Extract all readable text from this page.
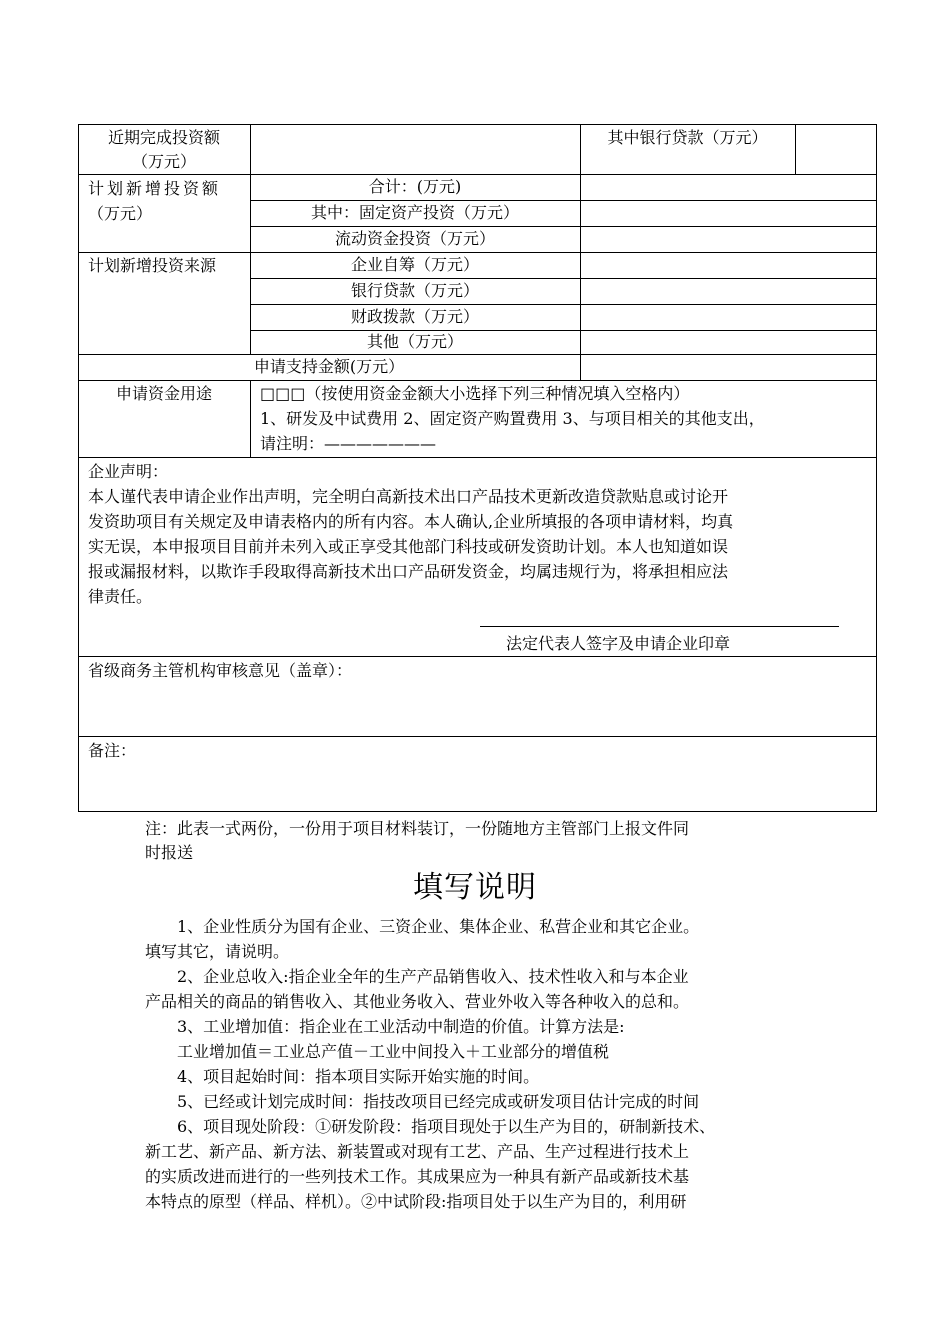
近期完成投资额
（万元）
其中银行贷款（万元）
计划新增投资额
（万元）
合计：(万元)
其中：固定资产投资（万元）
流动资金投资（万元）
计划新增投资来源	企业自筹（万元）
银行贷款（万元）
财政拨款（万元）
其他（万元）
申请支持金额(万元）
申请资金用途	□□□（按使用资金金额大小选择下列三种情况填入空格内）
1、研发及中试费用 2、固定资产购置费用 3、与项目相关的其他支出，
请注明：———————
企业声明：
本人谨代表申请企业作出声明，完全明白高新技术出口产品技术更新改造贷款贴息或讨论开
发资助项目有关规定及申请表格内的所有内容。本人确认,企业所填报的各项申请材料，均真
实无误，本申报项目目前并未列入或正享受其他部门科技或研发资助计划。本人也知道如误
报或漏报材料，以欺诈手段取得高新技术出口产品研发资金，均属违规行为，将承担相应法
律责任。
法定代表人签字及申请企业印章
省级商务主管机构审核意见（盖章）：
备注：
注：此表一式两份，一份用于项目材料装订，一份随地方主管部门上报文件同
时报送
填写说明
1、企业性质分为国有企业、三资企业、集体企业、私营企业和其它企业。
填写其它，请说明。
2、企业总收入:指企业全年的生产产品销售收入、技术性收入和与本企业
产品相关的商品的销售收入、其他业务收入、营业外收入等各种收入的总和。
3、工业增加值：指企业在工业活动中制造的价值。计算方法是:
工业增加值＝工业总产值－工业中间投入＋工业部分的增值税
4、项目起始时间：指本项目实际开始实施的时间。
5、已经或计划完成时间：指技改项目已经完成或研发项目估计完成的时间
6、项目现处阶段：①研发阶段：指项目现处于以生产为目的，研制新技术、
新工艺、新产品、新方法、新装置或对现有工艺、产品、生产过程进行技术上
的实质改进而进行的一些列技术工作。其成果应为一种具有新产品或新技术基
本特点的原型（样品、样机）。②中试阶段:指项目处于以生产为目的，利用研
